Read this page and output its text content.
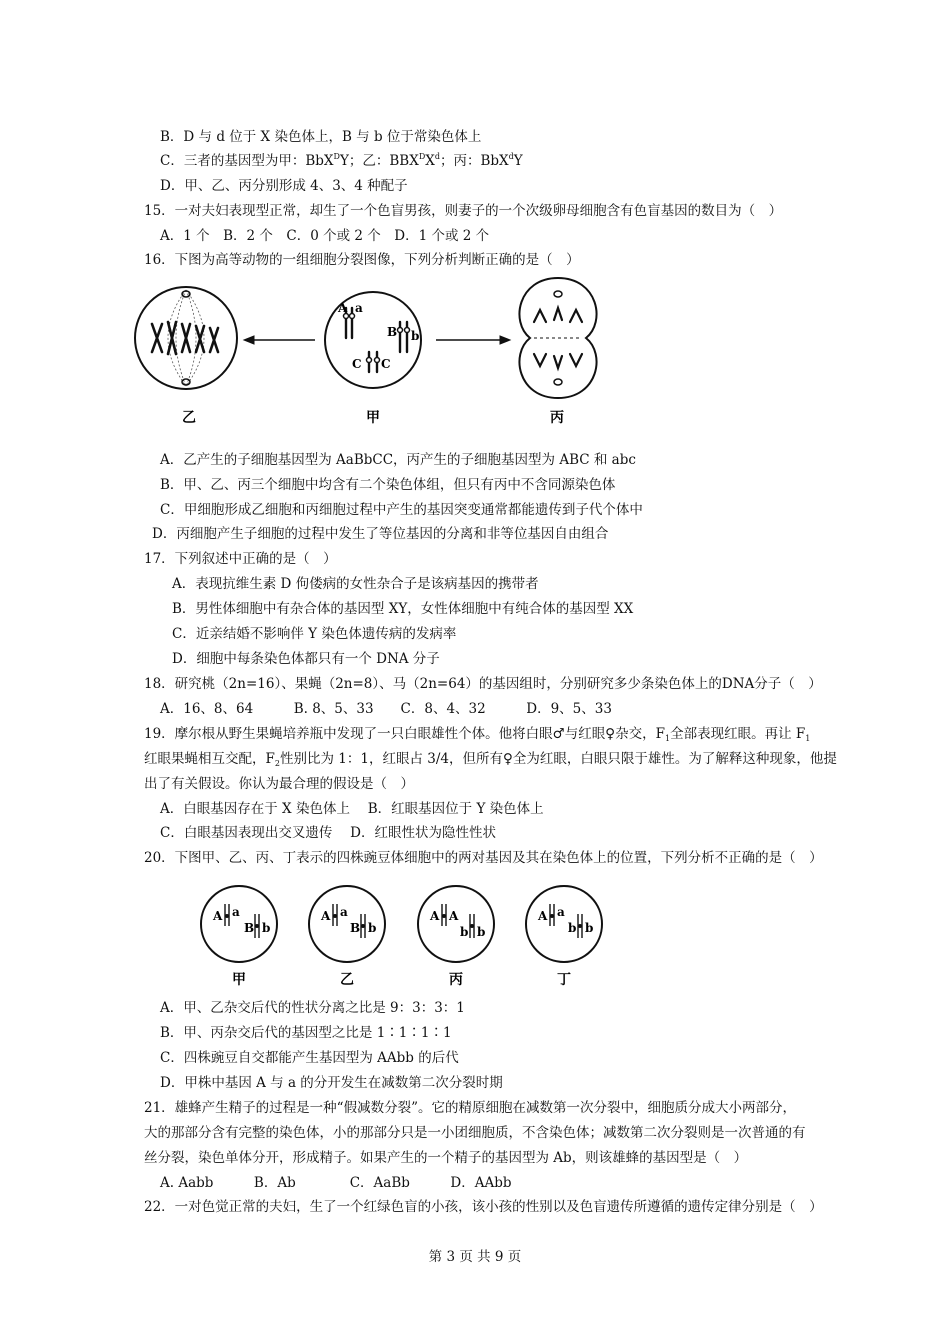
B．D 与 d 位于 X 染色体上，B 与 b 位于常染色体上
C．三者的基因型为甲：BbX$^D$Y；乙：$BBX^DX^d$；丙：BbX$^d$Y
D．甲、乙、丙分别形成 4、3、4 种配子
15．一对夫妇表现型正常，却生了一个色盲男孩，则妻子的一个次级卵母细胞含有色盲基因的数目为（　）
A．1 个　B．2 个　C．0 个或 2 个　D．1 个或 2 个
16．下图为高等动物的一组细胞分裂图像，下列分析判断正确的是（　）
A a
B b
C C
乙	甲	丙
A．乙产生的子细胞基因型为 AaBbCC，丙产生的子细胞基因型为 ABC 和 abc
B．甲、乙、丙三个细胞中均含有二个染色体组，但只有丙中不含同源染色体
C．甲细胞形成乙细胞和丙细胞过程中产生的基因突变通常都能遗传到子代个体中
D．丙细胞产生子细胞的过程中发生了等位基因的分离和非等位基因自由组合
17．下列叙述中正确的是（　）
A．表现抗维生素 D 佝偻病的女性杂合子是该病基因的携带者
B．男性体细胞中有杂合体的基因型 XY，女性体细胞中有纯合体的基因型 XX
C．近亲结婚不影响伴 Y 染色体遗传病的发病率
D．细胞中每条染色体都只有一个 DNA 分子
18．研究桃（2n=16）、果蝇（2n=8）、马（2n=64）的基因组时，分别研究多少条染色体上的DNA分子（　）
A．16、8、64　　　B. 8、5、33　　C．8、4、32　　　D．9、5、33
19．摩尔根从野生果蝇培养瓶中发现了一只白眼雄性个体。他将白眼♂与红眼♀杂交，$F_1$全部表现红眼。再让 $F_1$
红眼果蝇相互交配，$F_2$性别比为 1：1，红眼占 3/4，但所有♀全为红眼，白眼只限于雄性。为了解释这种现象，他提
出了有关假设。你认为最合理的假设是（　）
A．白眼基因存在于 X 染色体上　 B．红眼基因位于 Y 染色体上
C．白眼基因表现出交叉遗传　 D．红眼性状为隐性性状
20．下图甲、乙、丙、丁表示的四株豌豆体细胞中的两对基因及其在染色体上的位置，下列分析不正确的是（　）
A a
B b
A a
B b
A A
b b
A a
b b
甲	乙	丙	丁
A．甲、乙杂交后代的性状分离之比是 9：3：3：1
B．甲、丙杂交后代的基因型之比是 1∶1∶1∶1
C．四株豌豆自交都能产生基因型为 AAbb 的后代
D．甲株中基因 A 与 a 的分开发生在减数第二次分裂时期
21．雄蜂产生精子的过程是一种“假减数分裂”。它的精原细胞在减数第一次分裂中，细胞质分成大小两部分，
大的那部分含有完整的染色体，小的那部分只是一小团细胞质，不含染色体；减数第二次分裂则是一次普通的有
丝分裂，染色单体分开，形成精子。如果产生的一个精子的基因型为 Ab，则该雄蜂的基因型是（　）
A. Aabb　　　B．Ab　　　　C．AaBb　　　D．AAbb
22．一对色觉正常的夫妇，生了一个红绿色盲的小孩，该小孩的性别以及色盲遗传所遵循的遗传定律分别是（　）
第 3 页 共 9 页
